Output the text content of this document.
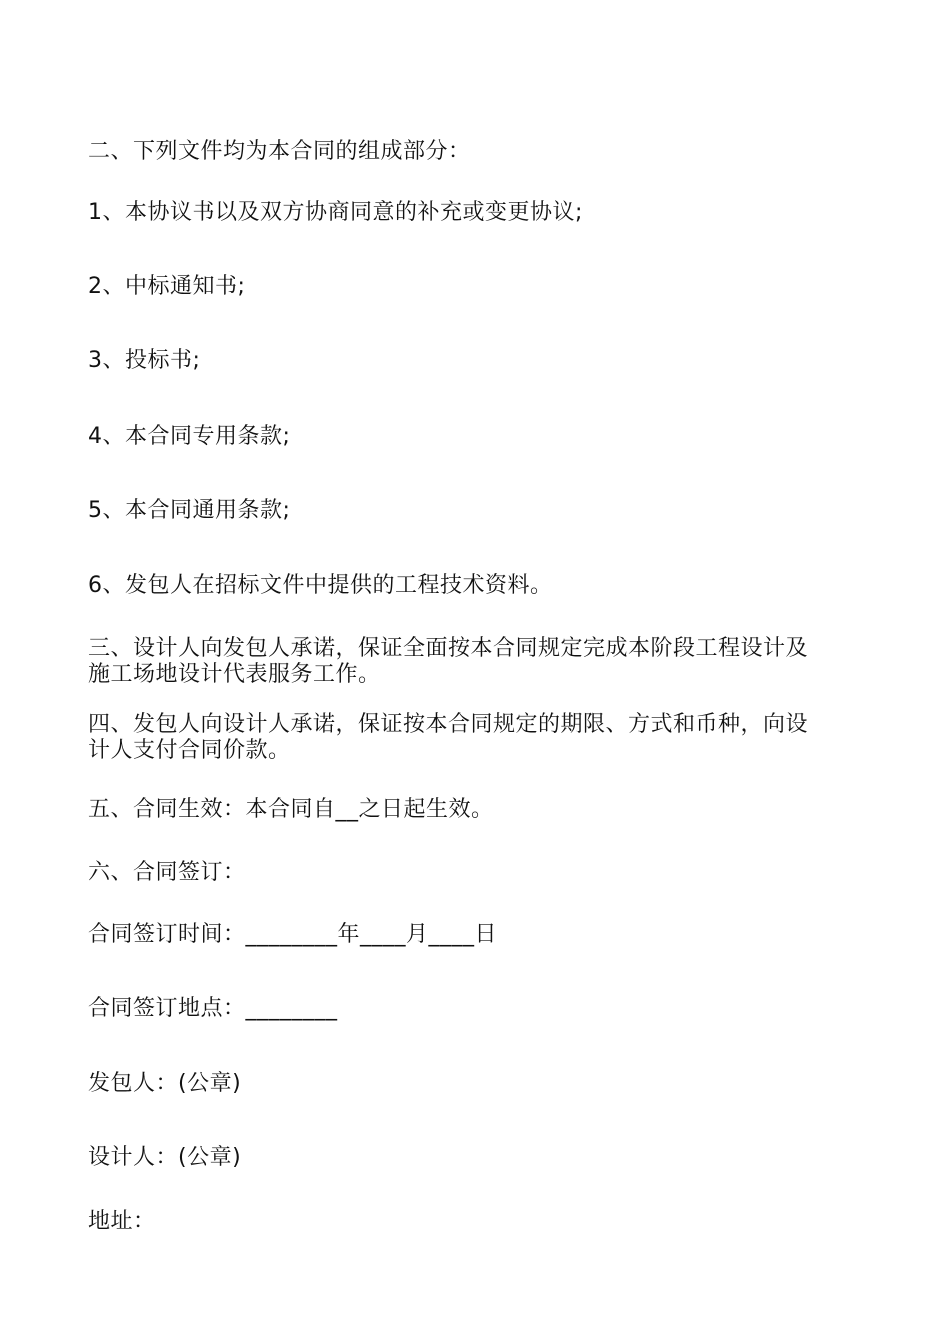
二、下列文件均为本合同的组成部分：
1、本协议书以及双方协商同意的补充或变更协议;
2、中标通知书;
3、投标书;
4、本合同专用条款;
5、本合同通用条款;
6、发包人在招标文件中提供的工程技术资料。
三、设计人向发包人承诺，保证全面按本合同规定完成本阶段工程设计及
施工场地设计代表服务工作。
四、发包人向设计人承诺，保证按本合同规定的期限、方式和币种，向设
计人支付合同价款。
五、合同生效：本合同自__之日起生效。
六、合同签订：
合同签订时间：________年____月____日
合同签订地点：________
发包人：(公章)
设计人：(公章)
地址：
